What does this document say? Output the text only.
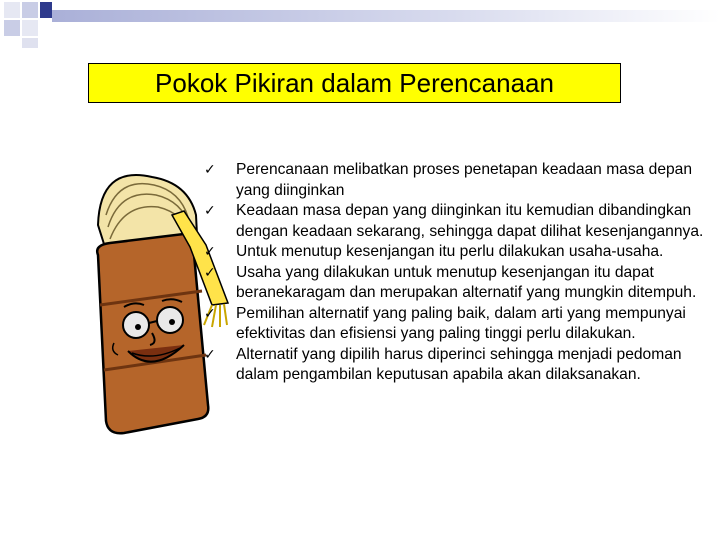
Pokok Pikiran dalam Perencanaan
✓ Perencanaan melibatkan proses penetapan keadaan masa depan yang diinginkan
✓ Keadaan masa depan yang diinginkan itu kemudian dibandingkan dengan keadaan sekarang, sehingga dapat dilihat kesenjangannya.
✓ Untuk menutup kesenjangan itu perlu dilakukan usaha-usaha.
✓ Usaha yang dilakukan untuk menutup kesenjangan itu dapat beranekaragam dan merupakan alternatif yang mungkin ditempuh.
✓ Pemilihan alternatif yang paling baik, dalam arti yang mempunyai efektivitas dan efisiensi yang paling tinggi perlu dilakukan.
✓ Alternatif yang dipilih harus diperinci sehingga menjadi pedoman dalam pengambilan keputusan apabila akan dilaksanakan.
